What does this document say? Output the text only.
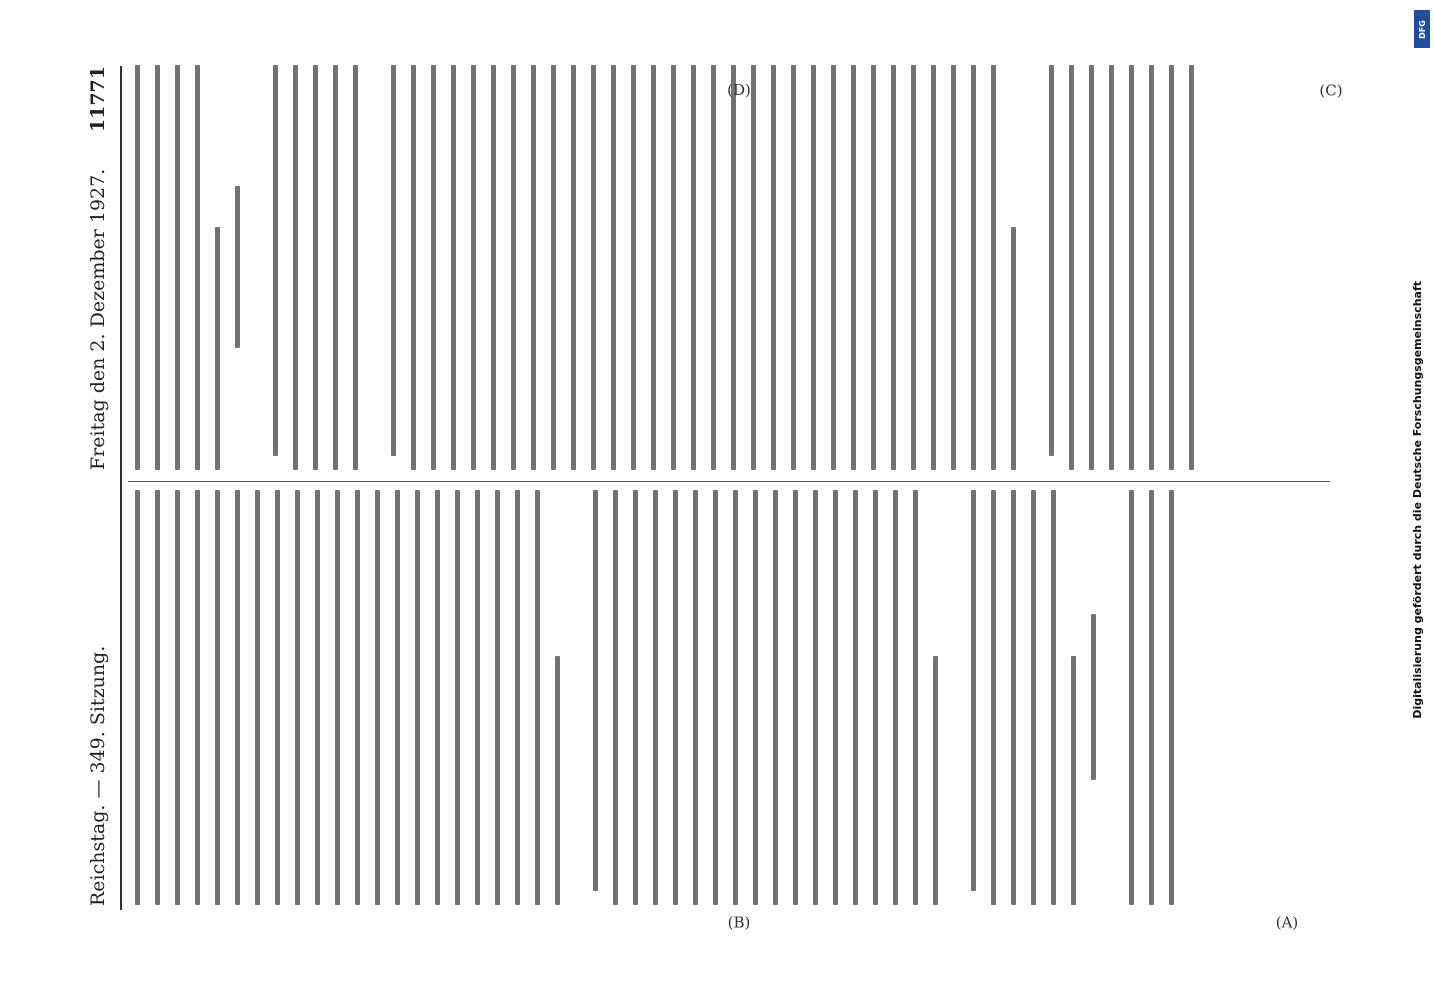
Reichstag. — 349. Sitzung.
Freitag den 2. Dezember 1927.
11771
(A)
(B)
(C)
(D)
Digitalisierung gefördert durch die Deutsche Forschungsgemeinschaft
DFG
